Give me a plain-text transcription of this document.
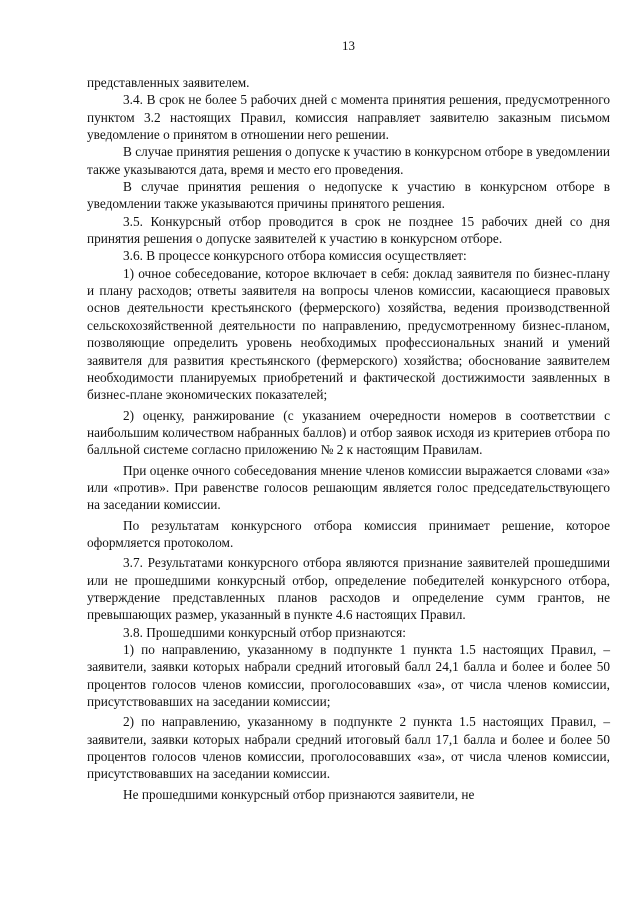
13

представленных заявителем.

3.4. В срок не более 5 рабочих дней с момента принятия решения, предусмотренного пунктом 3.2 настоящих Правил, комиссия направляет заявителю заказным письмом уведомление о принятом в отношении него решении.

В случае принятия решения о допуске к участию в конкурсном отборе в уведомлении также указываются дата, время и место его проведения.

В случае принятия решения о недопуске к участию в конкурсном отборе в уведомлении также указываются причины принятого решения.

3.5. Конкурсный отбор проводится в срок не позднее 15 рабочих дней со дня принятия решения о допуске заявителей к участию в конкурсном отборе.

3.6. В процессе конкурсного отбора комиссия осуществляет:

1) очное собеседование, которое включает в себя: доклад заявителя по бизнес-плану и плану расходов; ответы заявителя на вопросы членов комиссии, касающиеся правовых основ деятельности крестьянского (фермерского) хозяйства, ведения производственной сельскохозяйственной деятельности по направлению, предусмотренному бизнес-планом, позволяющие определить уровень необходимых профессиональных знаний и умений заявителя для развития крестьянского (фермерского) хозяйства; обоснование заявителем необходимости планируемых приобретений и фактической достижимости заявленных в бизнес-плане экономических показателей;

2) оценку, ранжирование (с указанием очередности номеров в соответствии с наибольшим количеством набранных баллов) и отбор заявок исходя из критериев отбора по балльной системе согласно приложению № 2 к настоящим Правилам.

При оценке очного собеседования мнение членов комиссии выражается словами «за» или «против». При равенстве голосов решающим является голос председательствующего на заседании комиссии.

По результатам конкурсного отбора комиссия принимает решение, которое оформляется протоколом.

3.7. Результатами конкурсного отбора являются признание заявителей прошедшими или не прошедшими конкурсный отбор, определение победителей конкурсного отбора, утверждение представленных планов расходов и определение сумм грантов, не превышающих размер, указанный в пункте 4.6 настоящих Правил.

3.8. Прошедшими конкурсный отбор признаются:

1) по направлению, указанному в подпункте 1 пункта 1.5 настоящих Правил, – заявители, заявки которых набрали средний итоговый балл 24,1 балла и более и более 50 процентов голосов членов комиссии, проголосовавших «за», от числа членов комиссии, присутствовавших на заседании комиссии;

2) по направлению, указанному в подпункте 2 пункта 1.5 настоящих Правил, – заявители, заявки которых набрали средний итоговый балл 17,1 балла и более и более 50 процентов голосов членов комиссии, проголосовавших «за», от числа членов комиссии, присутствовавших на заседании комиссии.

Не прошедшими конкурсный отбор признаются заявители, не
